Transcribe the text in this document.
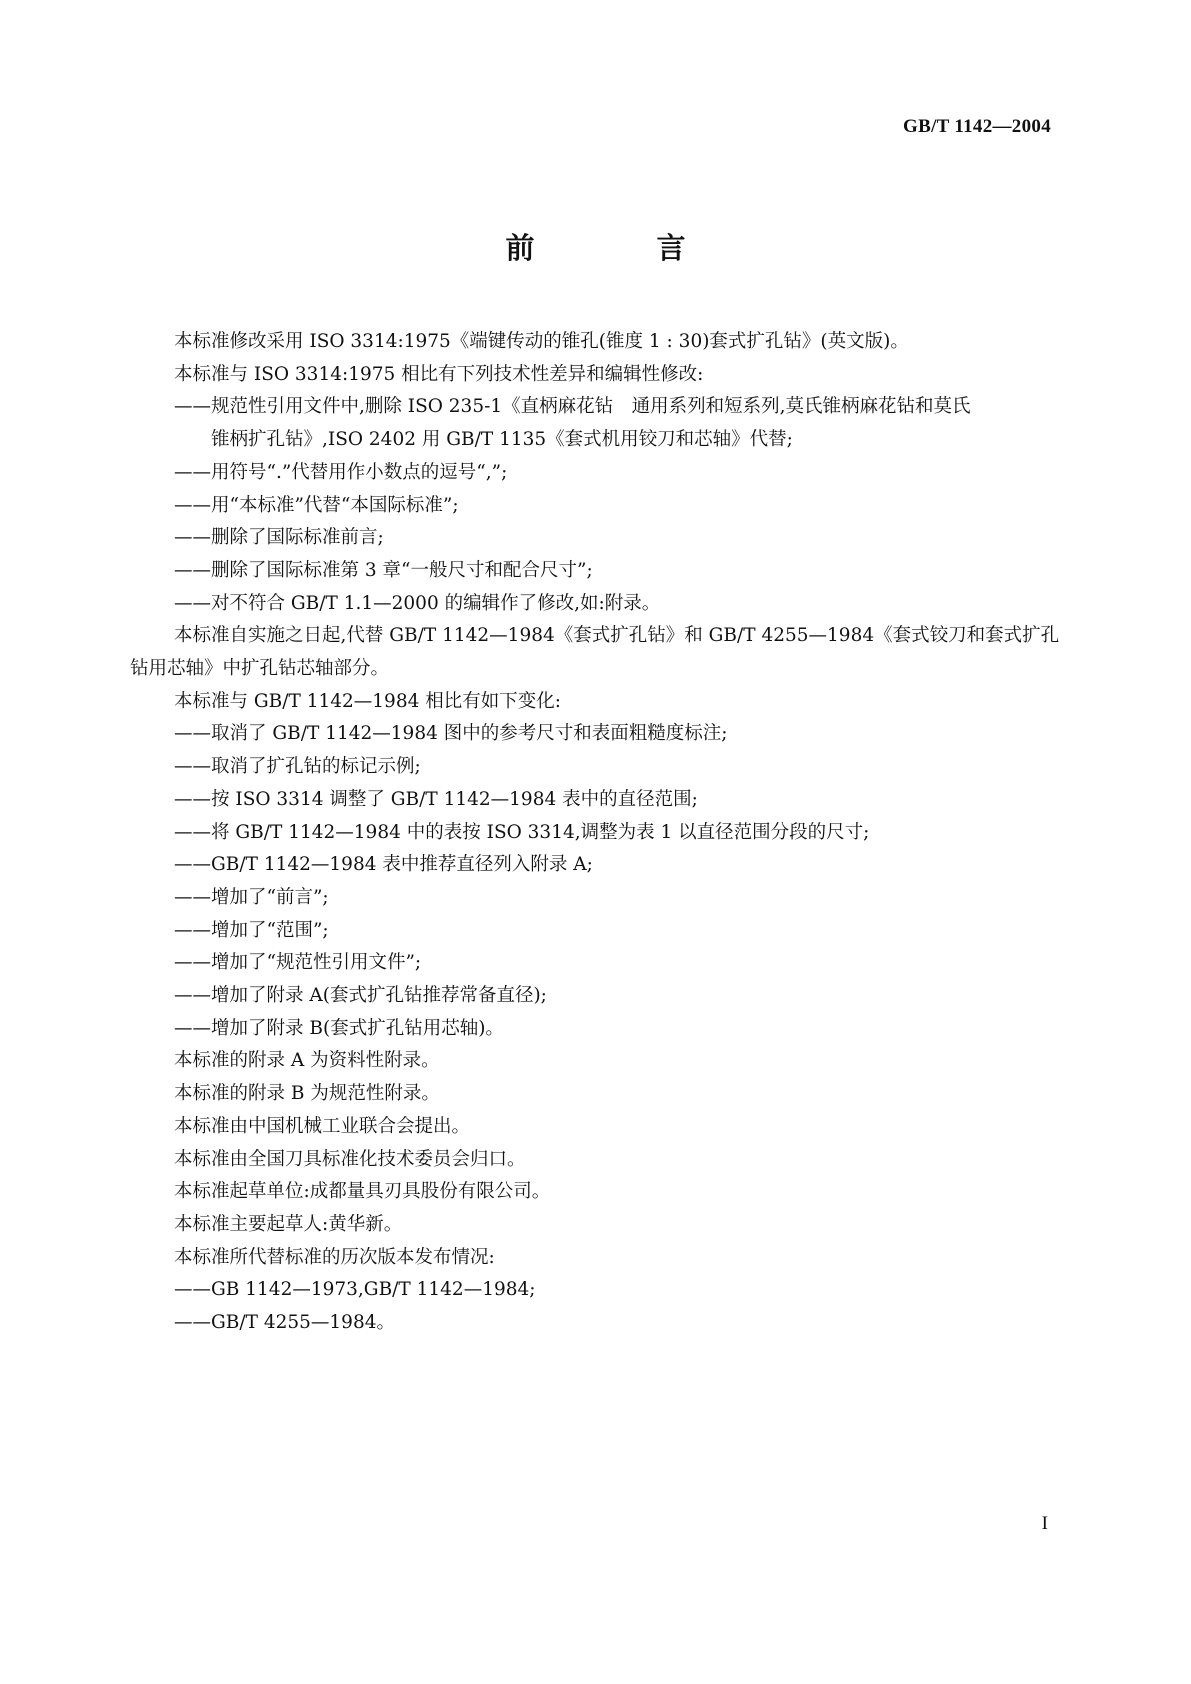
GB/T 1142—2004
前 言

本标准修改采用 ISO 3314:1975《端键传动的锥孔(锥度 1 : 30)套式扩孔钻》(英文版)。

本标准与 ISO 3314:1975 相比有下列技术性差异和编辑性修改:

——规范性引用文件中,删除 ISO 235-1《直柄麻花钻　通用系列和短系列,莫氏锥柄麻花钻和莫氏
锥柄扩孔钻》,ISO 2402 用 GB/T 1135《套式机用铰刀和芯轴》代替;
——用符号“.”代替用作小数点的逗号“,”;
——用“本标准”代替“本国际标准”;
——删除了国际标准前言;
——删除了国际标准第 3 章“一般尺寸和配合尺寸”;
——对不符合 GB/T 1.1—2000 的编辑作了修改,如:附录。

本标准自实施之日起,代替 GB/T 1142—1984《套式扩孔钻》和 GB/T 4255—1984《套式铰刀和套式扩孔钻用芯轴》中扩孔钻芯轴部分。

本标准与 GB/T 1142—1984 相比有如下变化:

——取消了 GB/T 1142—1984 图中的参考尺寸和表面粗糙度标注;
——取消了扩孔钻的标记示例;
——按 ISO 3314 调整了 GB/T 1142—1984 表中的直径范围;
——将 GB/T 1142—1984 中的表按 ISO 3314,调整为表 1 以直径范围分段的尺寸;
——GB/T 1142—1984 表中推荐直径列入附录 A;
——增加了“前言”;
——增加了“范围”;
——增加了“规范性引用文件”;
——增加了附录 A(套式扩孔钻推荐常备直径);
——增加了附录 B(套式扩孔钻用芯轴)。

本标准的附录 A 为资料性附录。

本标准的附录 B 为规范性附录。

本标准由中国机械工业联合会提出。

本标准由全国刀具标准化技术委员会归口。

本标准起草单位:成都量具刃具股份有限公司。

本标准主要起草人:黄华新。

本标准所代替标准的历次版本发布情况:

——GB 1142—1973,GB/T 1142—1984;
——GB/T 4255—1984。
I
